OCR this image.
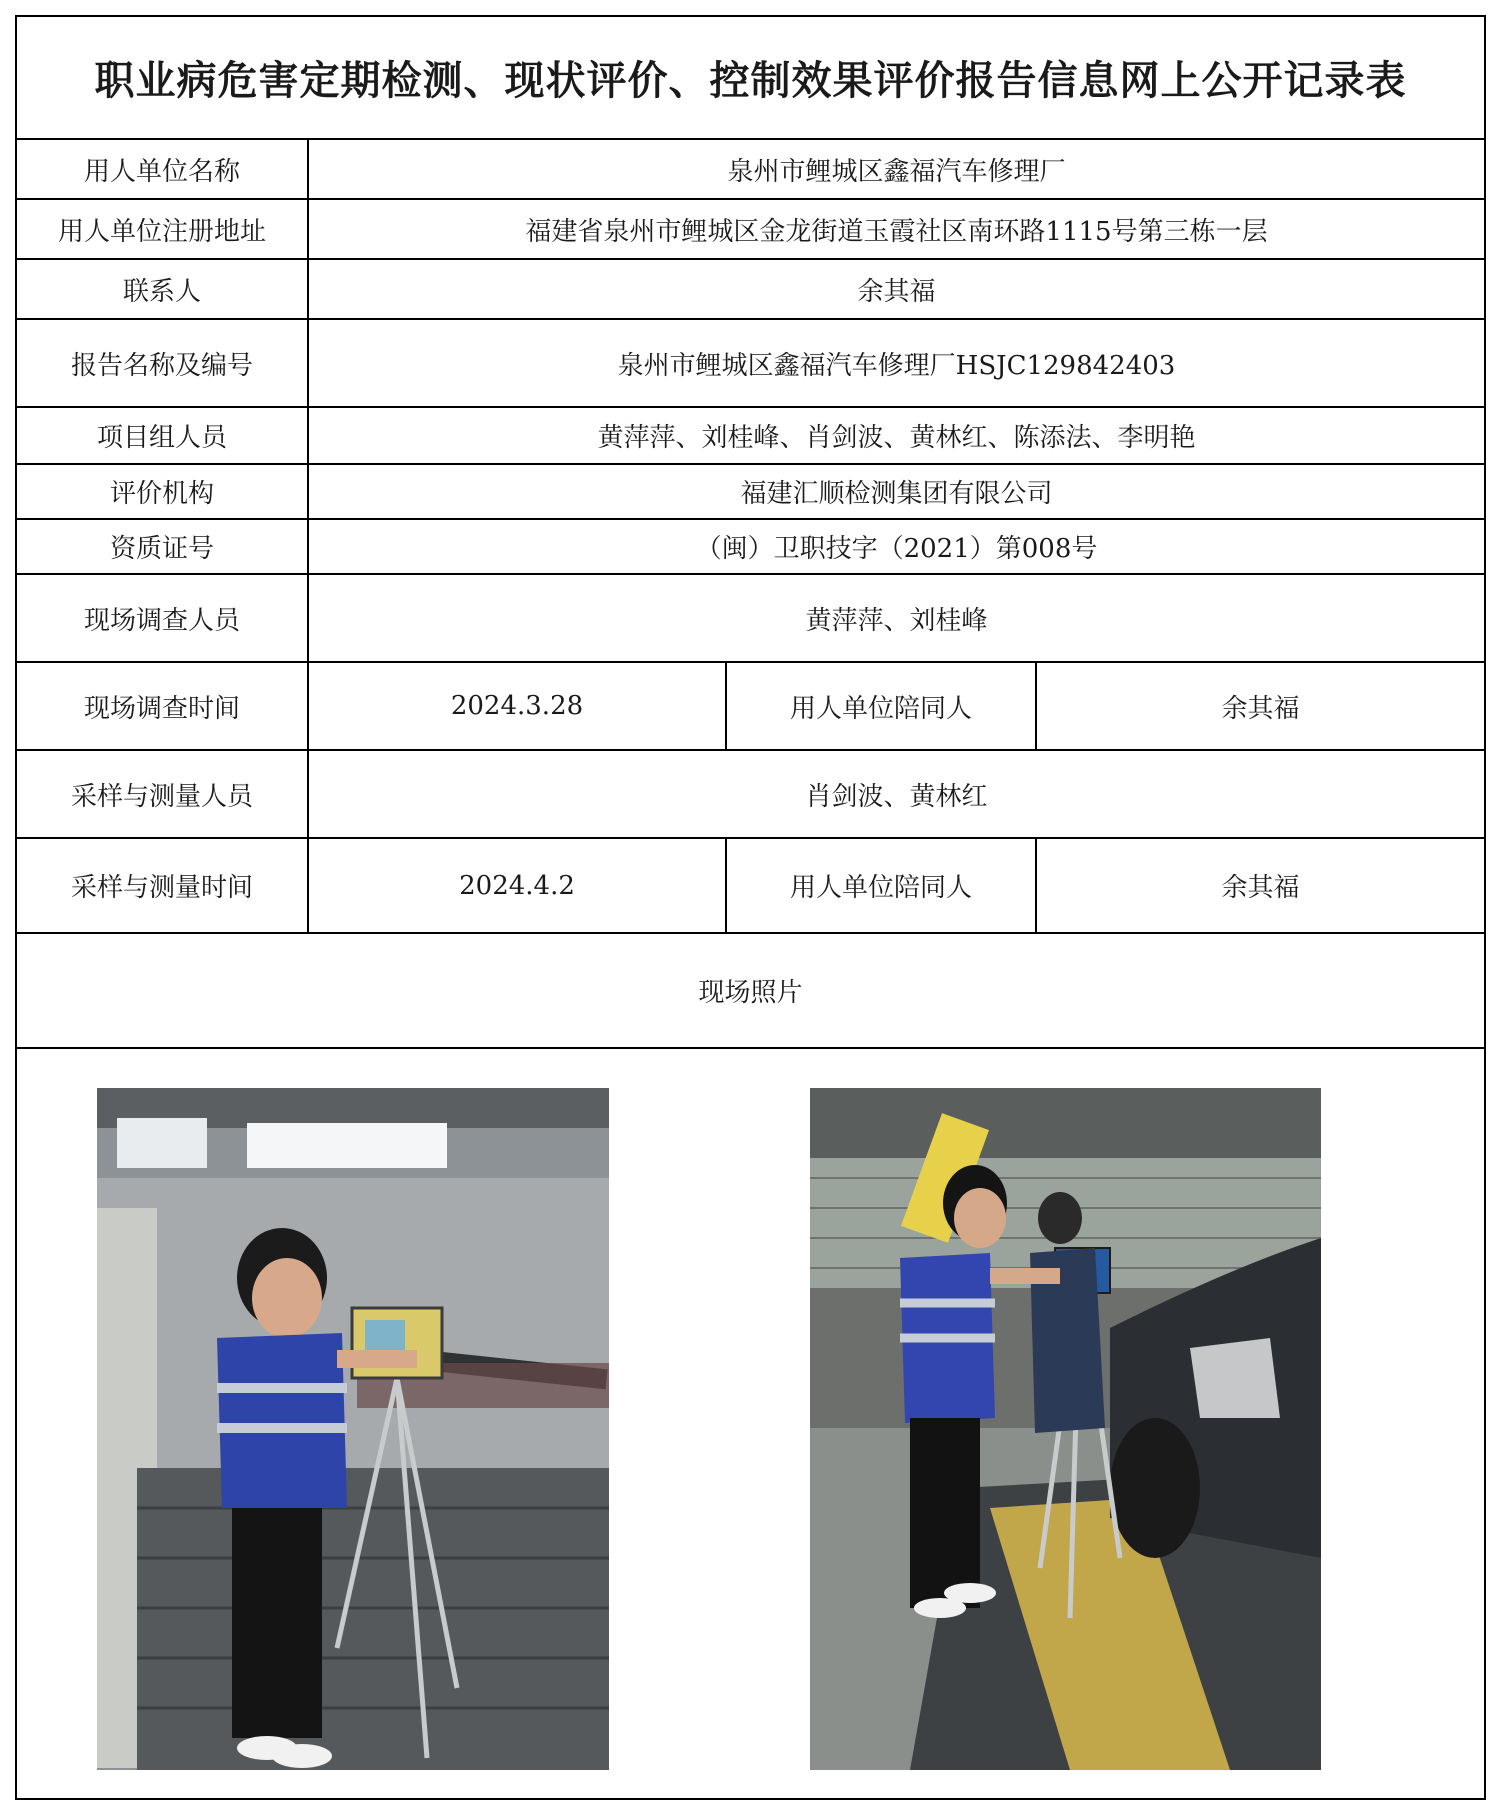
职业病危害定期检测、现状评价、控制效果评价报告信息网上公开记录表
用人单位名称	泉州市鲤城区鑫福汽车修理厂
用人单位注册地址	福建省泉州市鲤城区金龙街道玉霞社区南环路1115号第三栋一层
联系人	余其福
报告名称及编号	泉州市鲤城区鑫福汽车修理厂HSJC129842403
项目组人员	黄萍萍、刘桂峰、肖剑波、黄林红、陈添法、李明艳
评价机构	福建汇顺检测集团有限公司
资质证号	（闽）卫职技字（2021）第008号
现场调查人员	黄萍萍、刘桂峰
现场调查时间	2024.3.28	用人单位陪同人	余其福
采样与测量人员	肖剑波、黄林红
采样与测量时间	2024.4.2	用人单位陪同人	余其福
现场照片
